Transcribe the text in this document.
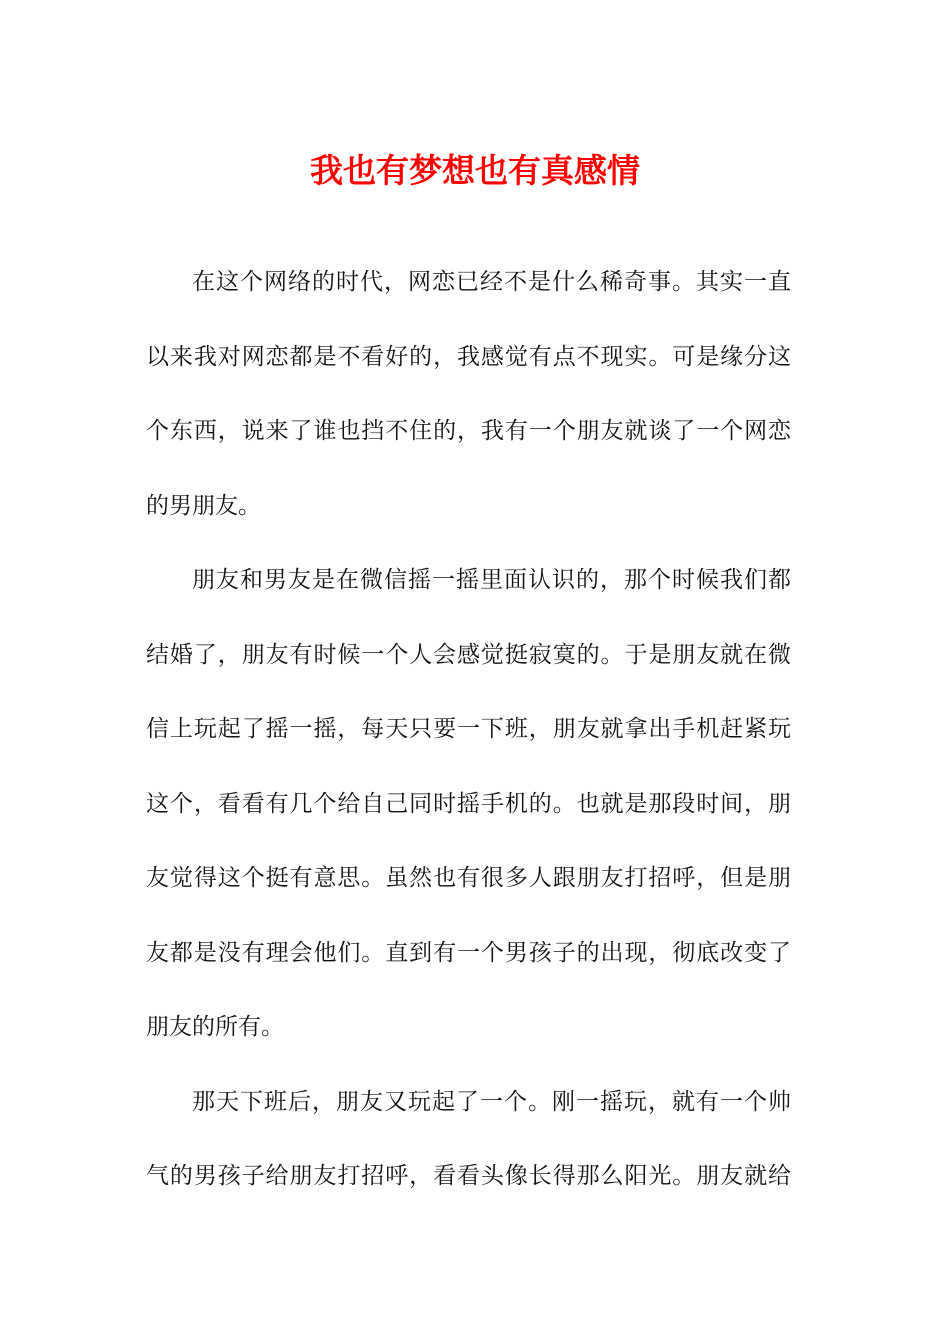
我也有梦想也有真感情
在这个网络的时代，网恋已经不是什么稀奇事。其实一直
以来我对网恋都是不看好的，我感觉有点不现实。可是缘分这
个东西，说来了谁也挡不住的，我有一个朋友就谈了一个网恋
的男朋友。
朋友和男友是在微信摇一摇里面认识的，那个时候我们都
结婚了，朋友有时候一个人会感觉挺寂寞的。于是朋友就在微
信上玩起了摇一摇，每天只要一下班，朋友就拿出手机赶紧玩
这个，看看有几个给自己同时摇手机的。也就是那段时间，朋
友觉得这个挺有意思。虽然也有很多人跟朋友打招呼，但是朋
友都是没有理会他们。直到有一个男孩子的出现，彻底改变了
朋友的所有。
那天下班后，朋友又玩起了一个。刚一摇玩，就有一个帅
气的男孩子给朋友打招呼，看看头像长得那么阳光。朋友就给
